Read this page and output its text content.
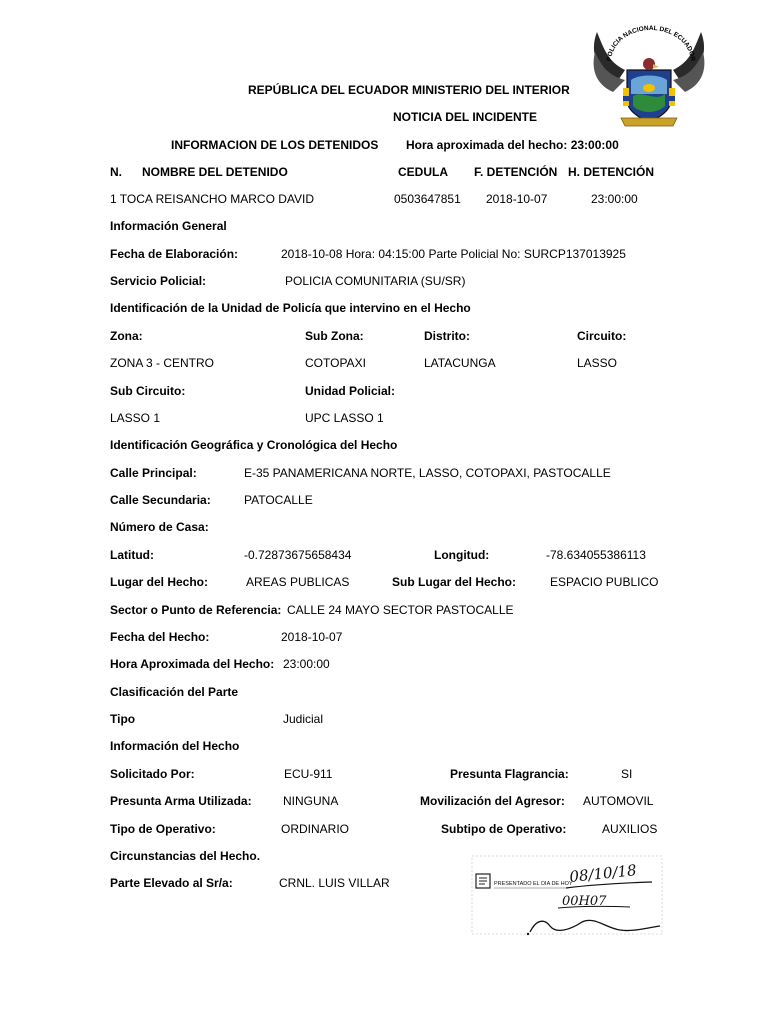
POLICIA NACIONAL DEL ECUADOR
REPÚBLICA DEL ECUADOR MINISTERIO DEL INTERIOR
NOTICIA DEL INCIDENTE
INFORMACION DE LOS DETENIDOS Hora aproximada del hecho: 23:00:00
N. NOMBRE DEL DETENIDO	CEDULA F. DETENCIÓN H. DETENCIÓN
1 TOCA REISANCHO MARCO DAVID	0503647851 2018-10-07	23:00:00
Información General
Fecha de Elaboración:	2018-10-08 Hora: 04:15:00 Parte Policial No: SURCP137013925
Servicio Policial:	POLICIA COMUNITARIA (SU/SR)
Identificación de la Unidad de Policía que intervino en el Hecho
Zona:	Sub Zona:	Distrito:	Circuito:
ZONA 3 - CENTRO	COTOPAXI	LATACUNGA	LASSO
Sub Circuito:	Unidad Policial:
LASSO 1	UPC LASSO 1
Identificación Geográfica y Cronológica del Hecho
Calle Principal:	E-35 PANAMERICANA NORTE, LASSO, COTOPAXI, PASTOCALLE
Calle Secundaria:	PATOCALLE
Número de Casa:
Latitud:	-0.72873675658434	Longitud:	-78.634055386113
Lugar del Hecho:	AREAS PUBLICAS	Sub Lugar del Hecho:	ESPACIO PUBLICO
Sector o Punto de Referencia: CALLE 24 MAYO SECTOR PASTOCALLE
Fecha del Hecho:	2018-10-07
Hora Aproximada del Hecho: 23:00:00
Clasificación del Parte
Tipo	Judicial
Información del Hecho
Solicitado Por:	ECU-911	Presunta Flagrancia:	SI
Presunta Arma Utilizada:	NINGUNA	Movilización del Agresor: AUTOMOVIL
Tipo de Operativo:	ORDINARIO	Subtipo de Operativo:	AUXILIOS
Circunstancias del Hecho.
Parte Elevado al Sr/a:	CRNL. LUIS VILLAR	PRESENTADO EL DIA DE HOY
08/10/18
00H07
